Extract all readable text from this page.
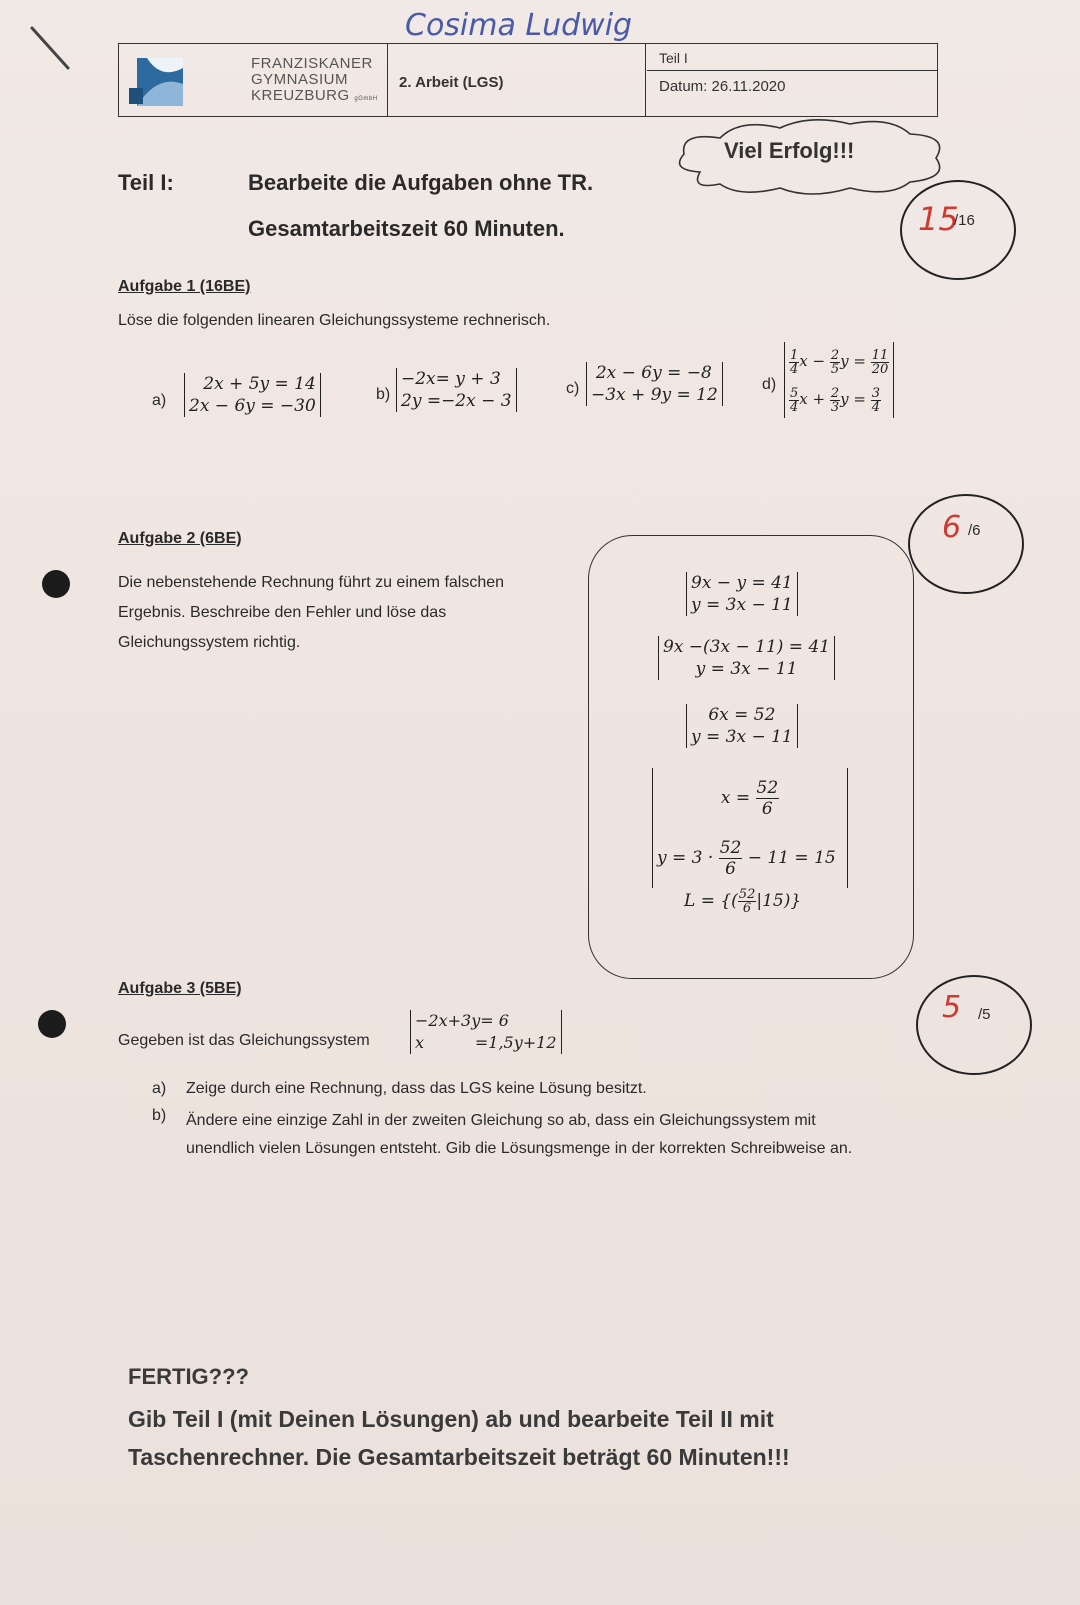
Cosima Ludwig
FRANZISKANER
GYMNASIUM
KREUZBURG gGmbH
2. Arbeit (LGS)
Teil I
Datum: 26.11.2020
Viel Erfolg!!!
Teil I:	Bearbeite die Aufgaben ohne TR.
Gesamtarbeitszeit 60 Minuten.	15
/16
Aufgabe 1 (16BE)
Löse die folgenden linearen Gleichungssysteme rechnerisch.
a)
2x + 5y = 14
2x − 6y = −30
b)
−2x= y + 3
2y =−2x − 3
c)
2x − 6y = −8
−3x + 9y = 12
d)
$\frac{1}{4}$ $x - \frac{2}{5}$ $y = \frac{11}{20}$
$\frac{5}{4}$ $x + \frac{2}{3}$ $y = \frac{3}{4}$
Aufgabe 2 (6BE)	6 /6
Die nebenstehende Rechnung führt zu einem falschen
Ergebnis. Beschreibe den Fehler und löse das
Gleichungssystem richtig.
9x − y = 41
y = 3x − 11
9x −(3x − 11) = 41
y = 3x − 11
6x = 52
y = 3x − 11
$x = \frac{52}{6}$
$y = 3 \cdot \frac{52}{6} - 11 = 15$
L = {( $\frac{52}{6} |15$)}
Aufgabe 3 (5BE)
5 /5
Gegeben ist das Gleichungssystem
−2x+3y= 6
x          =1,5y+12
a) Zeige durch eine Rechnung, dass das LGS keine Lösung besitzt.
b) Ändere eine einzige Zahl in der zweiten Gleichung so ab, dass ein Gleichungssystem mit
unendlich vielen Lösungen entsteht. Gib die Lösungsmenge in der korrekten Schreibweise an.
FERTIG???
Gib Teil I (mit Deinen Lösungen) ab und bearbeite Teil II mit
Taschenrechner. Die Gesamtarbeitszeit beträgt 60 Minuten!!!
